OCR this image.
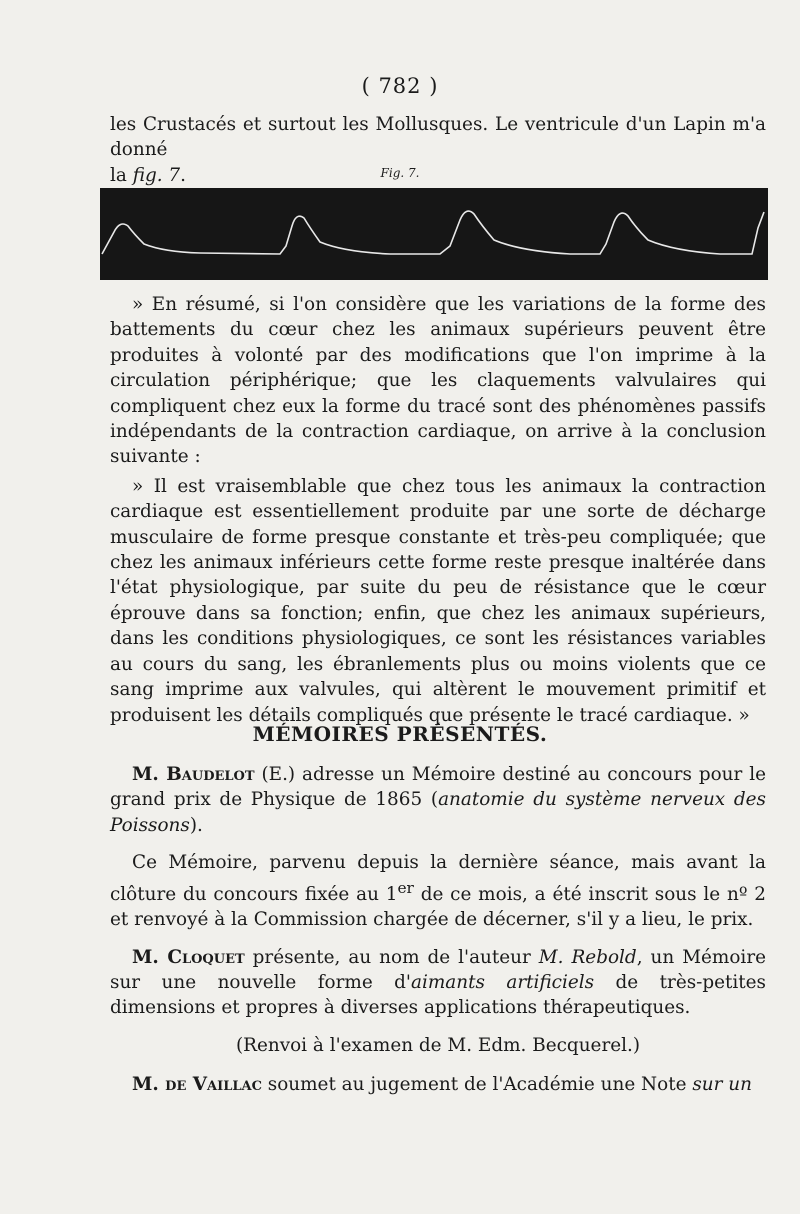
( 782 )

les Crustacés et surtout les Mollusques. Le ventricule d'un Lapin m'a donné

la fig. 7.	Fig. 7.

» En résumé, si l'on considère que les variations de la forme des battements du cœur chez les animaux supérieurs peuvent être produites à volonté par des modifications que l'on imprime à la circulation périphérique; que les claquements valvulaires qui compliquent chez eux la forme du tracé sont des phénomènes passifs indépendants de la contraction cardiaque, on arrive à la conclusion suivante :

» Il est vraisemblable que chez tous les animaux la contraction cardiaque est essentiellement produite par une sorte de décharge musculaire de forme presque constante et très-peu compliquée; que chez les animaux inférieurs cette forme reste presque inaltérée dans l'état physiologique, par suite du peu de résistance que le cœur éprouve dans sa fonction; enfin, que chez les animaux supérieurs, dans les conditions physiologiques, ce sont les résistances variables au cours du sang, les ébranlements plus ou moins violents que ce sang imprime aux valvules, qui altèrent le mouvement primitif et produisent les détails compliqués que présente le tracé cardiaque. »

MÉMOIRES PRÉSENTÉS.

M. Baudelot (E.) adresse un Mémoire destiné au concours pour le grand prix de Physique de 1865 (anatomie du système nerveux des Poissons).

Ce Mémoire, parvenu depuis la dernière séance, mais avant la clôture du concours fixée au 1er de ce mois, a été inscrit sous le nº 2 et renvoyé à la Commission chargée de décerner, s'il y a lieu, le prix.

M. Cloquet présente, au nom de l'auteur M. Rebold, un Mémoire sur une nouvelle forme d'aimants artificiels de très-petites dimensions et propres à diverses applications thérapeutiques.

(Renvoi à l'examen de M. Edm. Becquerel.)

M. de Vaillac soumet au jugement de l'Académie une Note sur un
